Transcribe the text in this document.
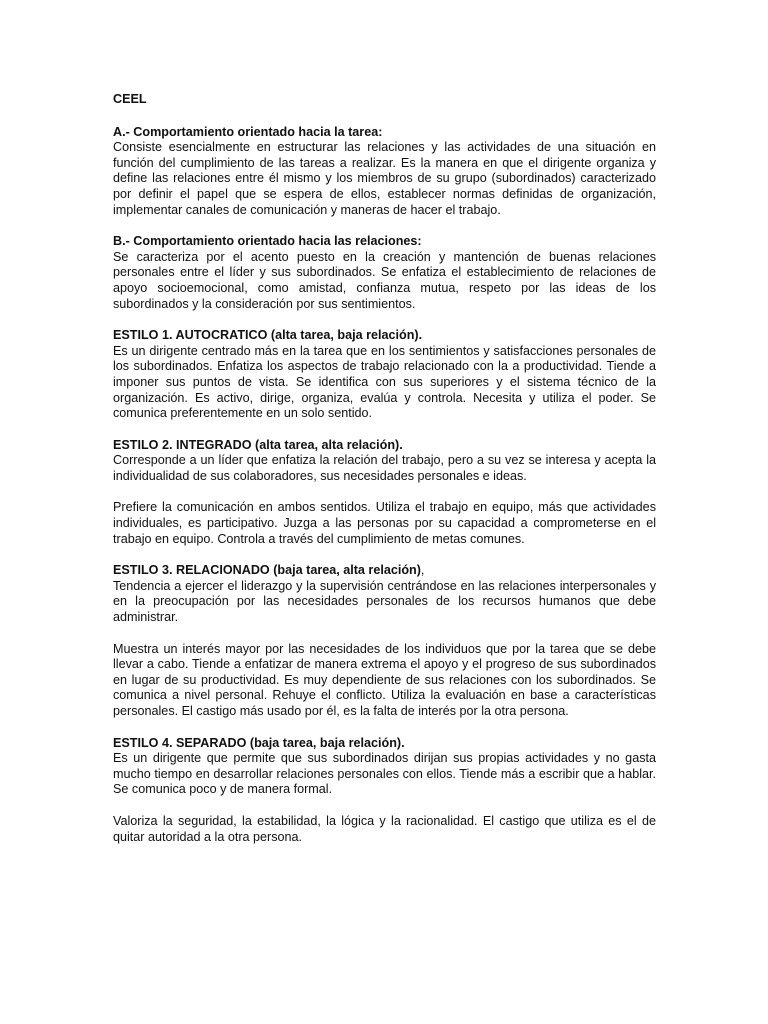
CEEL
A.- Comportamiento orientado hacia la tarea:
Consiste esencialmente en estructurar las relaciones y las actividades de una situación en función del cumplimiento de las tareas a realizar. Es la manera en que el dirigente organiza y define las relaciones entre él mismo y los miembros de su grupo (subordinados) caracterizado por definir el papel que se espera de ellos, establecer normas definidas de organización, implementar canales de comunicación y maneras de hacer el trabajo.
B.- Comportamiento orientado hacia las relaciones:
Se caracteriza por el acento puesto en la creación y mantención de buenas relaciones personales entre el líder y sus subordinados. Se enfatiza el establecimiento de relaciones de apoyo socioemocional, como amistad, confianza mutua, respeto por las ideas de los subordinados y la consideración por sus sentimientos.
ESTILO 1. AUTOCRATICO (alta tarea, baja relación).
Es un dirigente centrado más en la tarea que en los sentimientos y satisfacciones personales de los subordinados. Enfatiza los aspectos de trabajo relacionado con la a productividad. Tiende a imponer sus puntos de vista. Se identifica con sus superiores y el sistema técnico de la organización. Es activo, dirige, organiza, evalúa y controla. Necesita y utiliza el poder. Se comunica preferentemente en un solo sentido.
ESTILO 2. INTEGRADO (alta tarea, alta relación).
Corresponde a un líder que enfatiza la relación del trabajo, pero a su vez se interesa y acepta la individualidad de sus colaboradores, sus necesidades personales e ideas.
Prefiere la comunicación en ambos sentidos. Utiliza el trabajo en equipo, más que actividades individuales, es participativo. Juzga a las personas por su capacidad a comprometerse en el trabajo en equipo. Controla a través del cumplimiento de metas comunes.
ESTILO 3. RELACIONADO (baja tarea, alta relación),
Tendencia a ejercer el liderazgo y la supervisión centrándose en las relaciones interpersonales y en la preocupación por las necesidades personales de los recursos humanos que debe administrar.
Muestra un interés mayor por las necesidades de los individuos que por la tarea que se debe llevar a cabo. Tiende a enfatizar de manera extrema el apoyo y el progreso de sus subordinados en lugar de su productividad. Es muy dependiente de sus relaciones con los subordinados. Se comunica a nivel personal. Rehuye el conflicto. Utiliza la evaluación en base a características personales. El castigo más usado por él, es la falta de interés por la otra persona.
ESTILO 4. SEPARADO (baja tarea, baja relación).
Es un dirigente que permite que sus subordinados dirijan sus propias actividades y no gasta mucho tiempo en desarrollar relaciones personales con ellos. Tiende más a escribir que a hablar. Se comunica poco y de manera formal.
Valoriza la seguridad, la estabilidad, la lógica y la racionalidad. El castigo que utiliza es el de quitar autoridad a la otra persona.
